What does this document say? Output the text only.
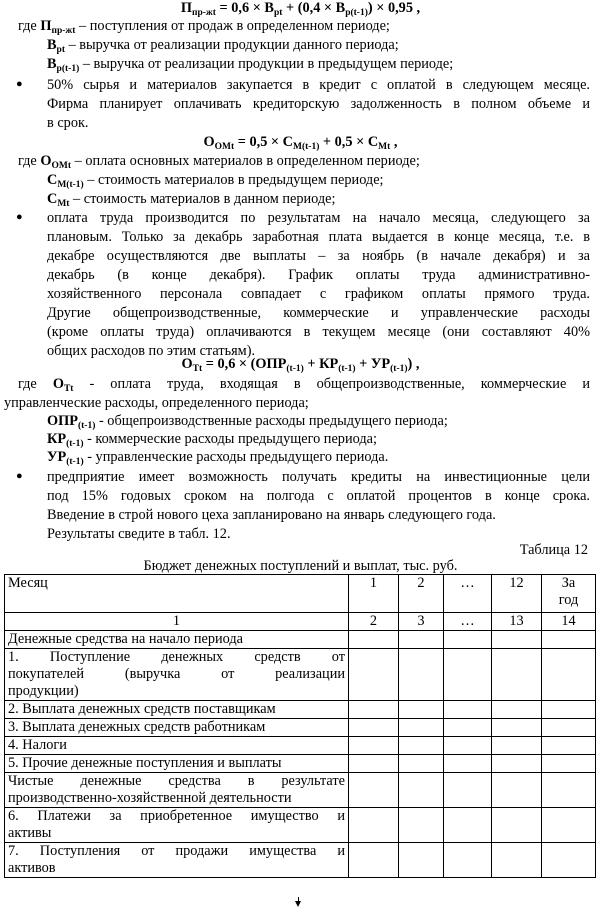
$П_{пр-жt} = 0,6 \times В_{pt} + (0,4 \times В_{p(t-1)}) \times 0,95$ ,
где $П_{пр-жt}$ – поступления от продаж в определенном периоде;
$В_{pt}$ – выручка от реализации продукции данного периода;
$В_{p(t-1)}$ – выручка от реализации продукции в предыдущем периоде;
● 50% сырья и материалов закупается в кредит с оплатой в следующем месяце.
Фирма планирует оплачивать кредиторскую задолженность в полном объеме и
в срок.
$О_{OMt} = 0,5 \times С_{M(t-1)} + 0,5 \times С_{Mt}$ ,
где $О_{OMt}$ – оплата основных материалов в определенном периоде;
$С_{M(t-1)}$ – стоимость материалов в предыдущем периоде;
$С_{Mt}$ – стоимость материалов в данном периоде;
● оплата труда производится по результатам на начало месяца, следующего за
плановым. Только за декабрь заработная плата выдается в конце месяца, т.е. в
декабре осуществляются две выплаты – за ноябрь (в начале декабря) и за
декабрь (в конце декабря). График оплаты труда административно-
хозяйственного персонала совпадает с графиком оплаты прямого труда.
Другие общепроизводственные, коммерческие и управленческие расходы
(кроме оплаты труда) оплачиваются в текущем месяце (они составляют 40%
общих расходов по этим статьям).
$О_{Tt} = 0,6 \times (ОПР_{(t-1)} + КР_{(t-1)} + УР_{(t-1)})$ ,
где $О_{Tt}$ - оплата труда, входящая в общепроизводственные, коммерческие и
управленческие расходы, определенного периода;
$ОПР_{(t-1)}$ - общепроизводственные расходы предыдущего периода;
$КР_{(t-1)}$ - коммерческие расходы предыдущего периода;
$УР_{(t-1)}$ - управленческие расходы предыдущего периода.
● предприятие имеет возможность получать кредиты на инвестиционные цели
под 15% годовых сроком на полгода с оплатой процентов в конце срока.
Введение в строй нового цеха запланировано на январь следующего года.
Результаты сведите в табл. 12.
Таблица 12
Бюджет денежных поступлений и выплат, тыс. руб.
Месяц	1	2	…	12	За
год
1	2	3	…	13	14
Денежные средства на начало периода					

1. Поступление денежных средств от
покупателей (выручка от реализации
продукции)					

2. Выплата денежных средств поставщикам					
3. Выплата денежных средств работникам					
4. Налоги					
5. Прочие денежные поступления и выплаты					

Чистые денежные средства в результате
производственно-хозяйственной деятельности					

6. Платежи за приобретенное имущество и
активы					

7. Поступления от продажи имущества и
активов					
